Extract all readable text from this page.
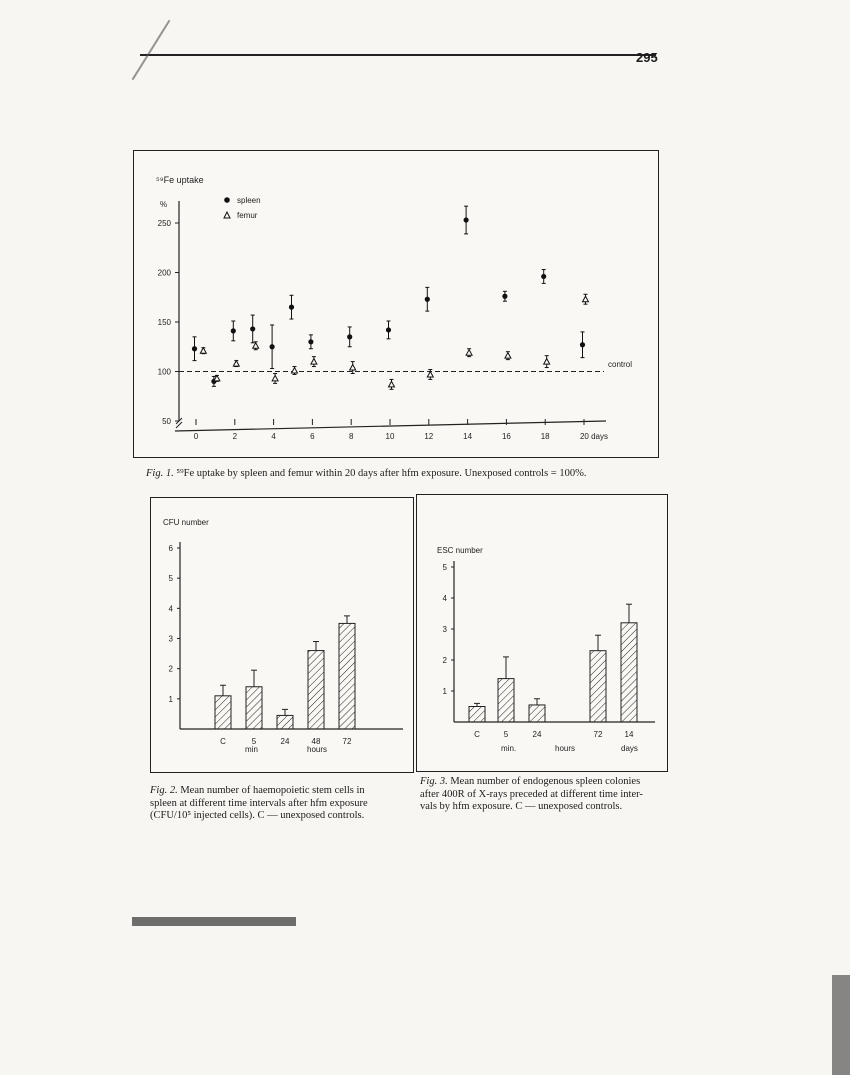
295
⁵⁹Fe uptake
%	spleen
femur
50
100
150
200
250
0	2	4	6	8	10	12	14	16	18	20 days
control
Fig. 1. ⁵⁹Fe uptake by spleen and femur within 20 days after hfm exposure. Unexposed controls = 100%.
CFU number
1
2
3
4
5
6
C	5	24	48	72
min	hours
Fig. 2. Mean number of haemopoietic stem cells in
spleen at different time intervals after hfm exposure
(CFU/10⁵ injected cells). C — unexposed controls.
ESC number
1
2
3
4
5
C	5	24	72	14
min.	hours	days
Fig. 3. Mean number of endogenous spleen colonies
after 400R of X-rays preceded at different time inter-
vals by hfm exposure. C — unexposed controls.
